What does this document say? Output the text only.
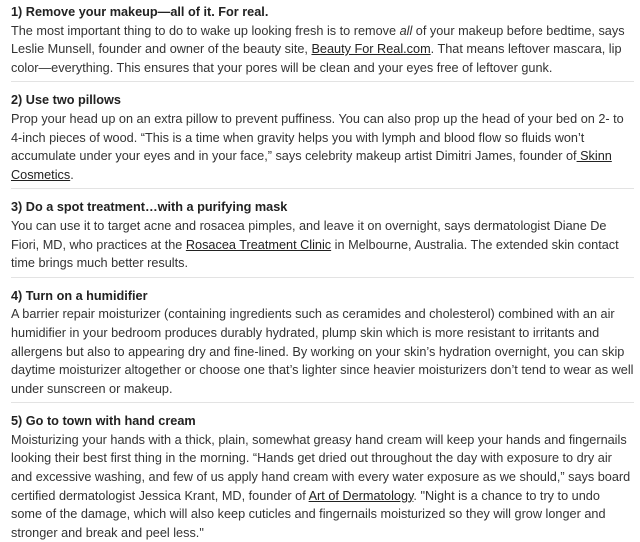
1) Remove your makeup—all of it. For real.

The most important thing to do to wake up looking fresh is to remove all of your makeup before bedtime, says Leslie Munsell, founder and owner of the beauty site, Beauty For Real.com. That means leftover mascara, lip color—everything. This ensures that your pores will be clean and your eyes free of leftover gunk.

2) Use two pillows

Prop your head up on an extra pillow to prevent puffiness. You can also prop up the head of your bed on 2- to 4-inch pieces of wood. “This is a time when gravity helps you with lymph and blood flow so fluids won’t accumulate under your eyes and in your face,” says celebrity makeup artist Dimitri James, founder of Skinn Cosmetics.

3) Do a spot treatment…with a purifying mask

You can use it to target acne and rosacea pimples, and leave it on overnight, says dermatologist Diane De Fiori, MD, who practices at the Rosacea Treatment Clinic in Melbourne, Australia. The extended skin contact time brings much better results.

4) Turn on a humidifier

A barrier repair moisturizer (containing ingredients such as ceramides and cholesterol) combined with an air humidifier in your bedroom produces durably hydrated, plump skin which is more resistant to irritants and allergens but also to appearing dry and fine-lined. By working on your skin’s hydration overnight, you can skip daytime moisturizer altogether or choose one that’s lighter since heavier moisturizers don’t tend to wear as well under sunscreen or makeup.

5) Go to town with hand cream

Moisturizing your hands with a thick, plain, somewhat greasy hand cream will keep your hands and fingernails looking their best first thing in the morning. “Hands get dried out throughout the day with exposure to dry air and excessive washing, and few of us apply hand cream with every water exposure as we should,” says board certified dermatologist Jessica Krant, MD, founder of Art of Dermatology. "Night is a chance to try to undo some of the damage, which will also keep cuticles and fingernails moisturized so they will grow longer and stronger and break and peel less."
